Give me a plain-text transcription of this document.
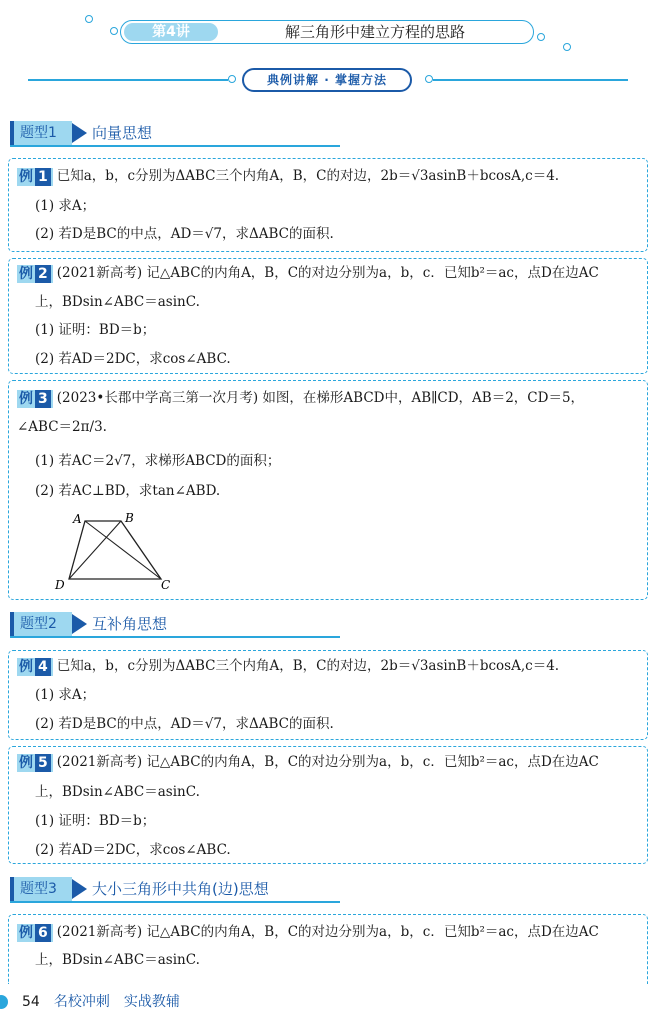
第4讲	解三角形中建立方程的思路
典例讲解 · 掌握方法
题型1	向量思想
例 1 已知a，b，c分别为ΔABC三个内角A，B，C的对边，2b＝√3asinB＋bcosA,c＝4.
(1) 求A；
(2) 若D是BC的中点，AD＝√7，求ΔABC的面积.
例 2 (2021新高考) 记△ABC的内角A，B，C的对边分别为a，b，c．已知b²＝ac，点D在边AC
上，BDsin∠ABC＝asinC.
(1) 证明：BD＝b；
(2) 若AD＝2DC，求cos∠ABC.
例 3 (2023•长郡中学高三第一次月考) 如图，在梯形ABCD中，AB∥CD，AB＝2，CD＝5，
∠ABC＝2π/3.
(1) 若AC＝2√7，求梯形ABCD的面积；
(2) 若AC⊥BD，求tan∠ABD.
A	B
C
D
题型2	互补角思想
例 4 已知a，b，c分别为ΔABC三个内角A，B，C的对边，2b＝√3asinB＋bcosA,c＝4.
(1) 求A；
(2) 若D是BC的中点，AD＝√7，求ΔABC的面积.
例 5 (2021新高考) 记△ABC的内角A，B，C的对边分别为a，b，c．已知b²＝ac，点D在边AC
上，BDsin∠ABC＝asinC.
(1) 证明：BD＝b；
(2) 若AD＝2DC，求cos∠ABC.
题型3	大小三角形中共角(边)思想
例 6 (2021新高考) 记△ABC的内角A，B，C的对边分别为a，b，c．已知b²＝ac，点D在边AC
上，BDsin∠ABC＝asinC.
54 名校冲刺　实战教辅
